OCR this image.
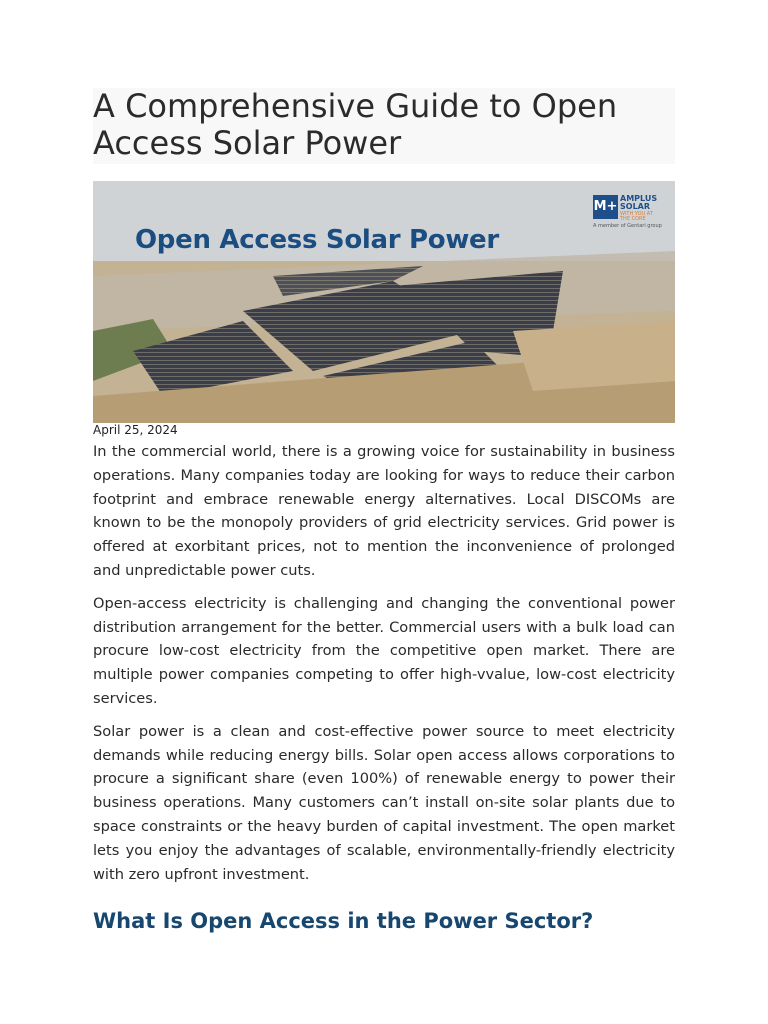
A Comprehensive Guide to Open Access Solar Power
Open Access Solar Power
M+
AMPLUS
SOLAR
WITH YOU AT THE CORE
A member of Gentari group
April 25, 2024

In the commercial world, there is a growing voice for sustainability in business operations. Many companies today are looking for ways to reduce their carbon footprint and embrace renewable energy alternatives. Local DISCOMs are known to be the monopoly providers of grid electricity services. Grid power is offered at exorbitant prices, not to mention the inconvenience of prolonged and unpredictable power cuts.

Open-access electricity is challenging and changing the conventional power distribution arrangement for the better. Commercial users with a bulk load can procure low-cost electricity from the competitive open market. There are multiple power companies competing to offer high-vvalue, low-cost electricity services.

Solar power is a clean and cost-effective power source to meet electricity demands while reducing energy bills. Solar open access allows corporations to procure a significant share (even 100%) of renewable energy to power their business operations. Many customers can’t install on-site solar plants due to space constraints or the heavy burden of capital investment. The open market lets you enjoy the advantages of scalable, environmentally-friendly electricity with zero upfront investment.

What Is Open Access in the Power Sector?
